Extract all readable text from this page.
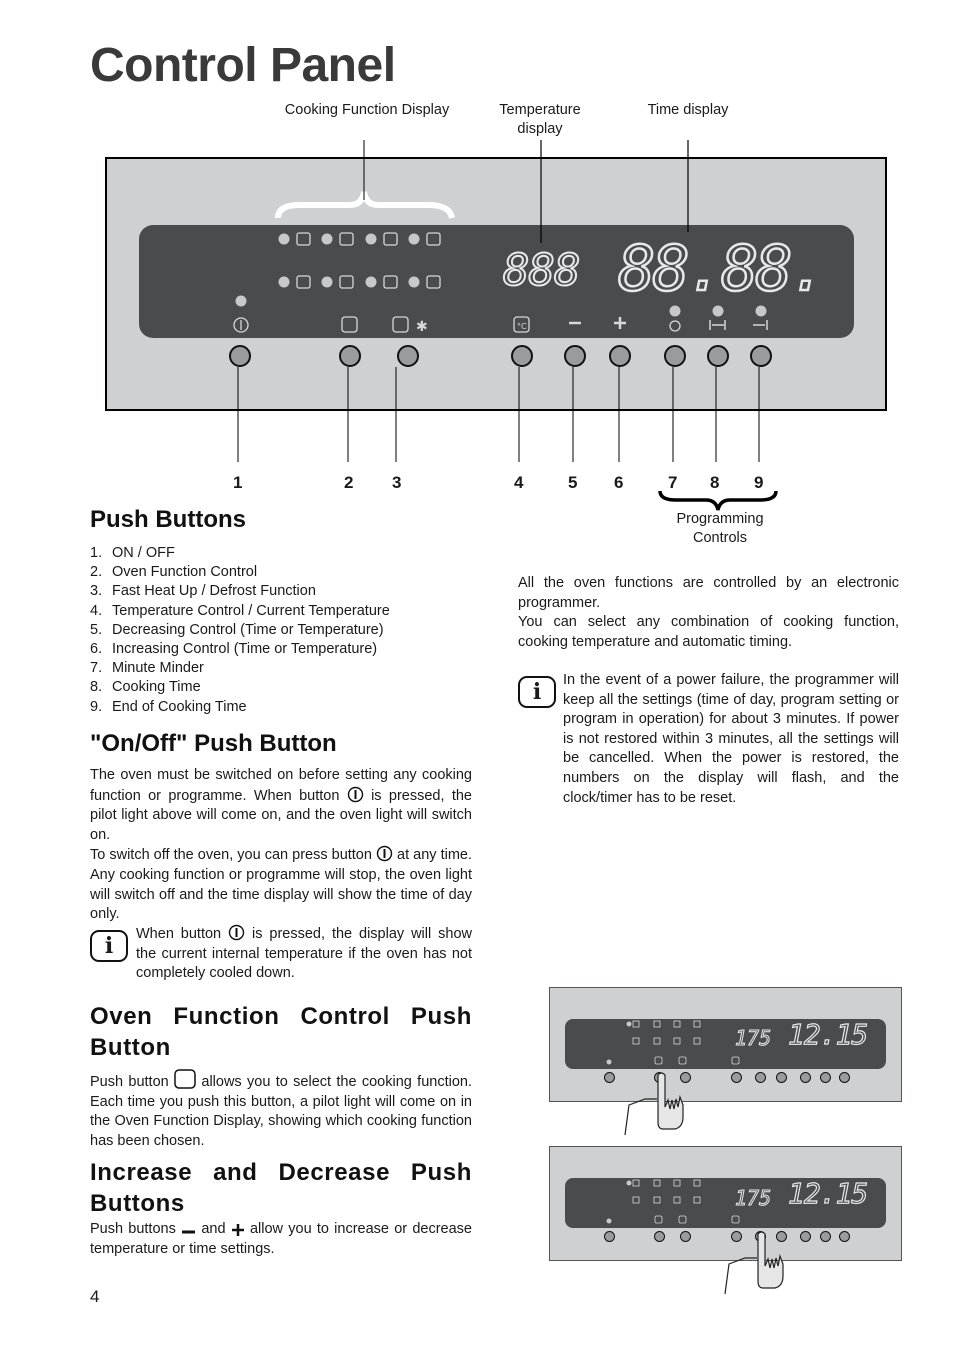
Control Panel
Cooking Function Display	Temperature
display
Time display
✱	°C
888 88.88.
1	2 3	4	5 6	7 8 9
Programming
Controls
Push Buttons
1. ON / OFF
2. Oven Function Control
3. Fast Heat Up / Defrost Function
4. Temperature Control / Current Temperature
5. Decreasing Control (Time or Temperature)
6. Increasing Control (Time or Temperature)
7. Minute Minder
8. Cooking Time
9. End of Cooking Time
All the oven functions are controlled by an electronic programmer.
You can select any combination of cooking function, cooking temperature and automatic timing.
i	In the event of a power failure, the programmer will keep all the settings (time of day, program setting or program in operation) for about 3 minutes. If power is not restored within 3 minutes, all the settings will be cancelled. When the power is restored, the numbers on the display will flash, and the clock/timer has to be reset.
"On/Off" Push Button
The oven must be switched on before setting any cooking function or programme. When button is pressed, the pilot light above will come on, and the oven light will switch on.
To switch off the oven, you can press button at any time. Any cooking function or programme will stop, the oven light will switch off and the time display will show the time of day only.
i	When button is pressed, the display will show the current internal temperature if the oven has not completely cooled down.
Oven Function Control Push Button
Push button allows you to select the cooking function. Each time you push this button, a pilot light will come on in the Oven Function Display, showing which cooking function has been chosen.
Increase and Decrease Push Buttons
Push buttons and allow you to increase or decrease temperature or time settings.
175 12.15
175 12.15
4
